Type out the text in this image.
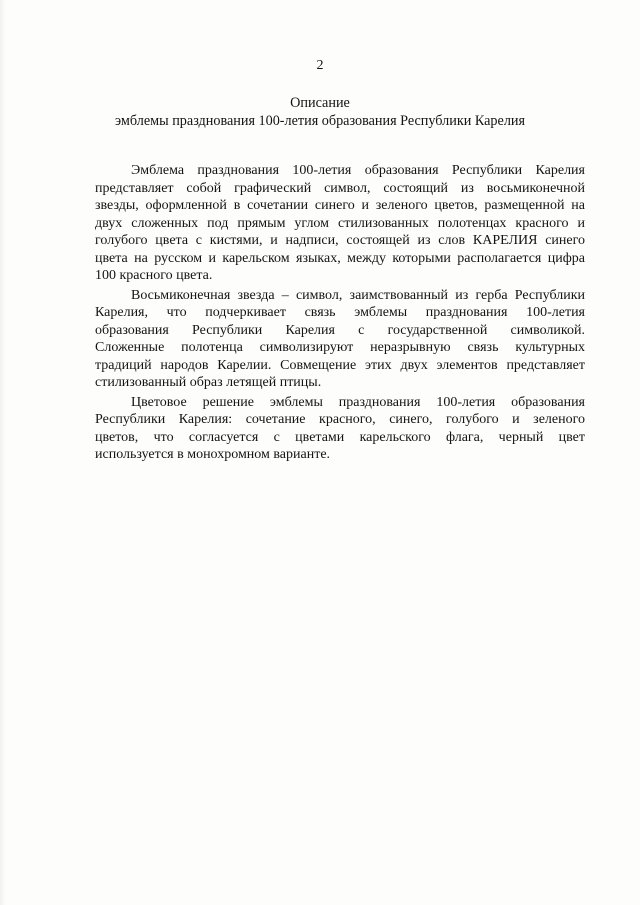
2
Описание
эмблемы празднования 100-летия образования Республики Карелия
Эмблема празднования 100-летия образования Республики Карелия
представляет собой графический символ, состоящий из восьмиконечной
звезды, оформленной в сочетании синего и зеленого цветов, размещенной на
двух сложенных под прямым углом стилизованных полотенцах красного и
голубого цвета с кистями, и надписи, состоящей из слов КАРЕЛИЯ синего
цвета на русском и карельском языках, между которыми располагается цифра
100 красного цвета.
Восьмиконечная звезда – символ, заимствованный из герба Республики
Карелия, что подчеркивает связь эмблемы празднования 100-летия
образования Республики Карелия с государственной символикой.
Сложенные полотенца символизируют неразрывную связь культурных
традиций народов Карелии. Совмещение этих двух элементов представляет
стилизованный образ летящей птицы.
Цветовое решение эмблемы празднования 100-летия образования
Республики Карелия: сочетание красного, синего, голубого и зеленого
цветов, что согласуется с цветами карельского флага, черный цвет
используется в монохромном варианте.
